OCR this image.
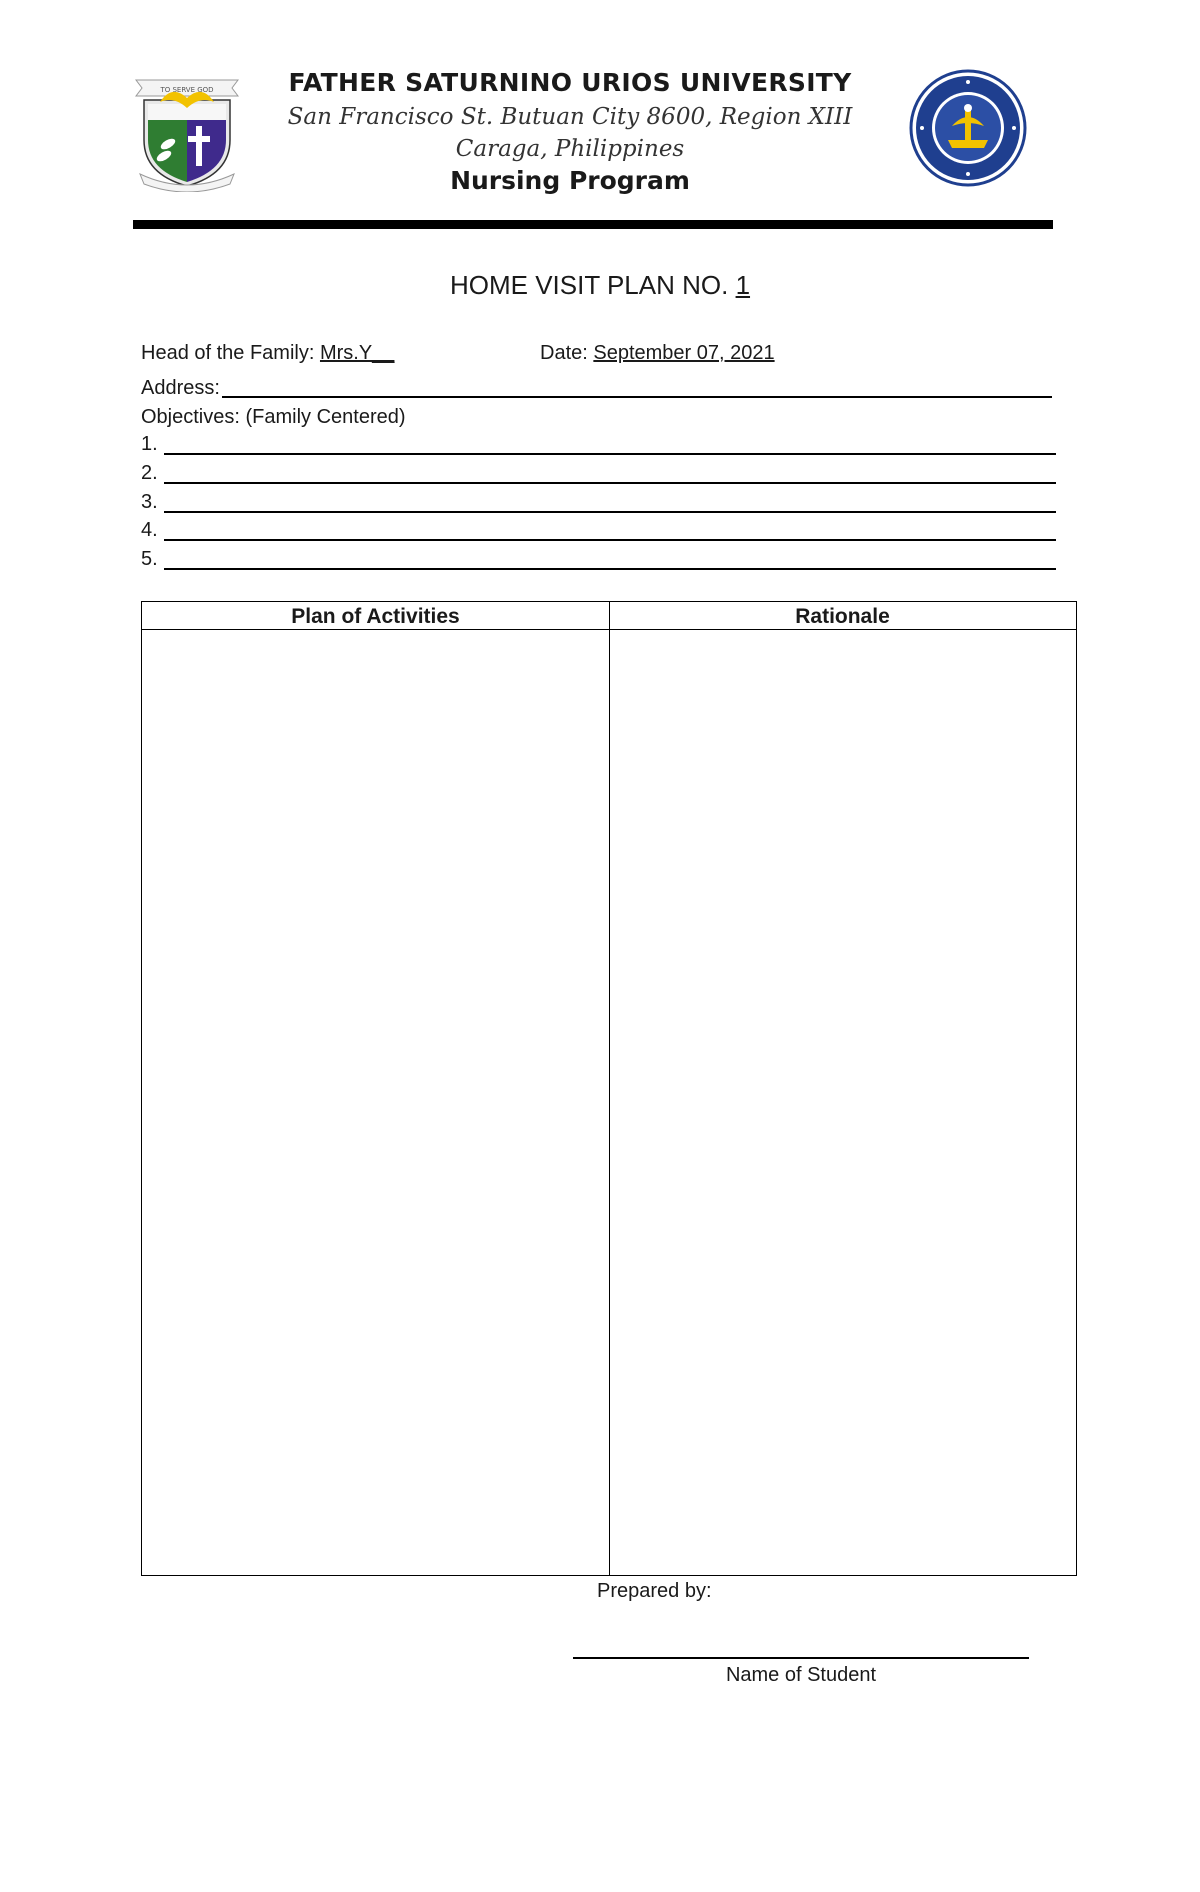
TO SERVE GOD	FATHER SATURNINO URIOS UNIVERSITY
San Francisco St. Butuan City 8600, Region XIII
Caraga, Philippines
Nursing Program
HOME VISIT PLAN NO. 1
Head of the Family: Mrs.Y__	Date: September 07, 2021
Address:
Objectives: (Family Centered)
1.
2.
3.
4.
5.
Plan of Activities	Rationale
Prepared by:
Name of Student
